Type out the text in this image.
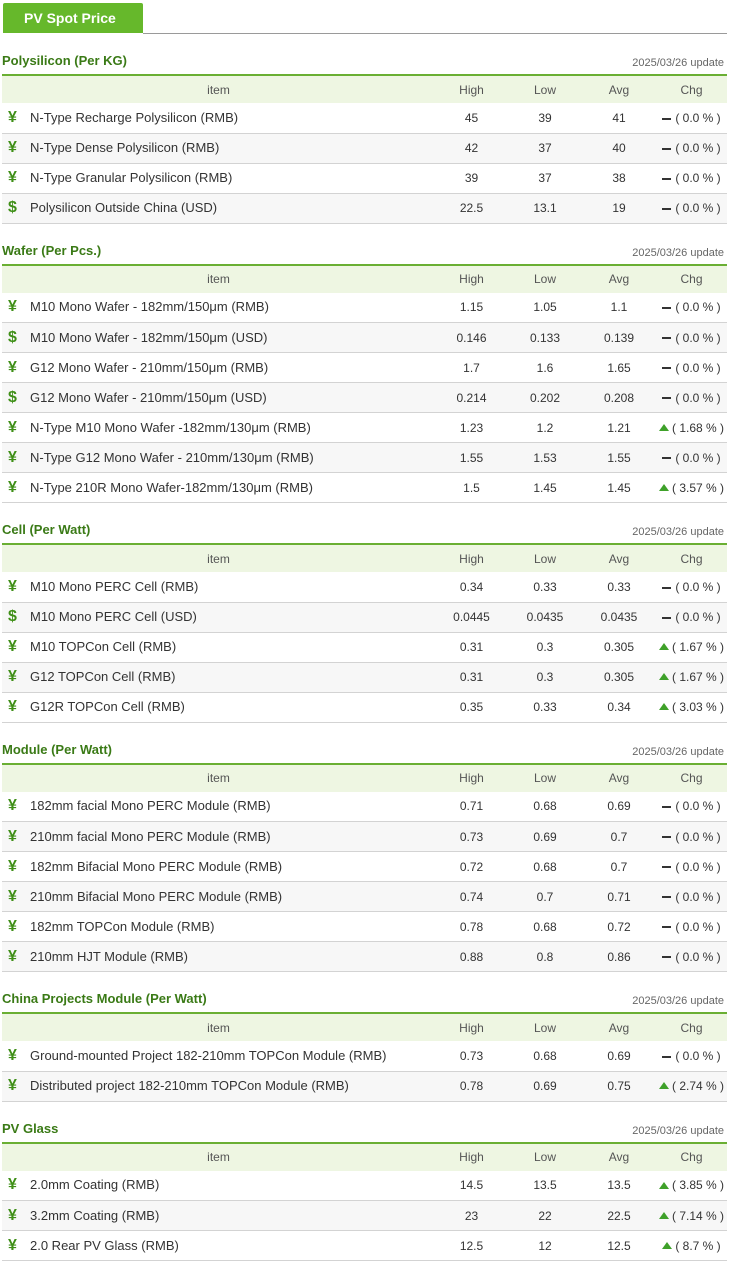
PV Spot Price
Polysilicon (Per KG)	2025/03/26 update
item	High	Low	Avg	Chg

¥ N-Type Recharge Polysilicon (RMB)	45	39	41	( 0.0 % )

¥ N-Type Dense Polysilicon (RMB)	42	37	40	( 0.0 % )

¥ N-Type Granular Polysilicon (RMB)	39	37	38	( 0.0 % )

$ Polysilicon Outside China (USD)	22.5	13.1	19	( 0.0 % )
Wafer (Per Pcs.)	2025/03/26 update
item	High	Low	Avg	Chg

¥ M10 Mono Wafer - 182mm/150μm (RMB)	1.15	1.05	1.1	( 0.0 % )

$ M10 Mono Wafer - 182mm/150μm (USD)	0.146	0.133	0.139	( 0.0 % )

¥ G12 Mono Wafer - 210mm/150μm (RMB)	1.7	1.6	1.65	( 0.0 % )

$ G12 Mono Wafer - 210mm/150μm (USD)	0.214	0.202	0.208	( 0.0 % )

¥ N-Type M10 Mono Wafer -182mm/130μm (RMB)	1.23	1.2	1.21	( 1.68 % )

¥ N-Type G12 Mono Wafer - 210mm/130μm (RMB)	1.55	1.53	1.55	( 0.0 % )

¥ N-Type 210R Mono Wafer-182mm/130μm (RMB)	1.5	1.45	1.45	( 3.57 % )
Cell (Per Watt)	2025/03/26 update
item	High	Low	Avg	Chg

¥ M10 Mono PERC Cell (RMB)	0.34	0.33	0.33	( 0.0 % )

$ M10 Mono PERC Cell (USD)	0.0445	0.0435	0.0435	( 0.0 % )

¥ M10 TOPCon Cell (RMB)	0.31	0.3	0.305	( 1.67 % )

¥ G12 TOPCon Cell (RMB)	0.31	0.3	0.305	( 1.67 % )

¥ G12R TOPCon Cell (RMB)	0.35	0.33	0.34	( 3.03 % )
Module (Per Watt)	2025/03/26 update
item	High	Low	Avg	Chg

¥ 182mm facial Mono PERC Module (RMB)	0.71	0.68	0.69	( 0.0 % )

¥ 210mm facial Mono PERC Module (RMB)	0.73	0.69	0.7	( 0.0 % )

¥ 182mm Bifacial Mono PERC Module (RMB)	0.72	0.68	0.7	( 0.0 % )

¥ 210mm Bifacial Mono PERC Module (RMB)	0.74	0.7	0.71	( 0.0 % )

¥ 182mm TOPCon Module (RMB)	0.78	0.68	0.72	( 0.0 % )

¥ 210mm HJT Module (RMB)	0.88	0.8	0.86	( 0.0 % )
China Projects Module (Per Watt)	2025/03/26 update
item	High	Low	Avg	Chg

¥ Ground-mounted Project 182-210mm TOPCon Module (RMB)	0.73	0.68	0.69	( 0.0 % )

¥ Distributed project 182-210mm TOPCon Module (RMB)	0.78	0.69	0.75	( 2.74 % )
PV Glass	2025/03/26 update
item	High	Low	Avg	Chg

¥ 2.0mm Coating (RMB)	14.5	13.5	13.5	( 3.85 % )

¥ 3.2mm Coating (RMB)	23	22	22.5	( 7.14 % )

¥ 2.0 Rear PV Glass (RMB)	12.5	12	12.5	( 8.7 % )
